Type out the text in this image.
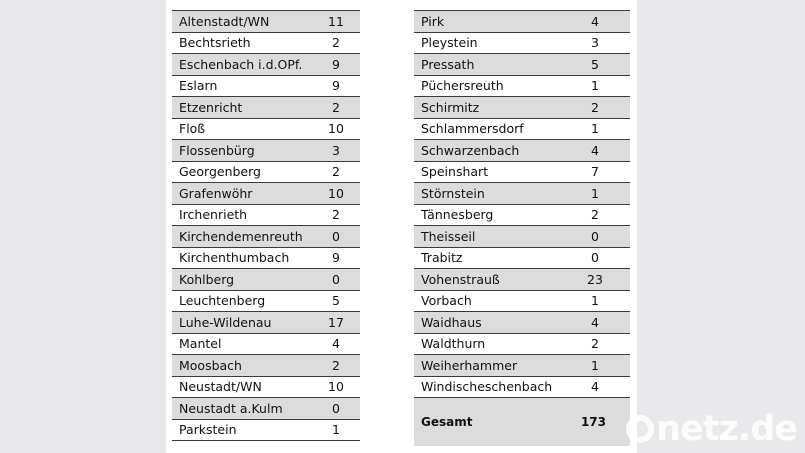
Altenstadt/WN	11
Bechtsrieth	2
Eschenbach i.d.OPf.	9
Eslarn	9
Etzenricht	2
Floß	10
Flossenbürg	3
Georgenberg	2
Grafenwöhr	10
Irchenrieth	2
Kirchendemenreuth	0
Kirchenthumbach	9
Kohlberg	0
Leuchtenberg	5
Luhe-Wildenau	17
Mantel	4
Moosbach	2
Neustadt/WN	10
Neustadt a.Kulm	0
Parkstein	1
Pirk	4
Pleystein	3
Pressath	5
Püchersreuth	1
Schirmitz	2
Schlammersdorf	1
Schwarzenbach	4
Speinshart	7
Störnstein	1
Tännesberg	2
Theisseil	0
Trabitz	0
Vohenstrauß	23
Vorbach	1
Waidhaus	4
Waldthurn	2
Weiherhammer	1
Windischeschenbach	4
Gesamt	173	netz.de
